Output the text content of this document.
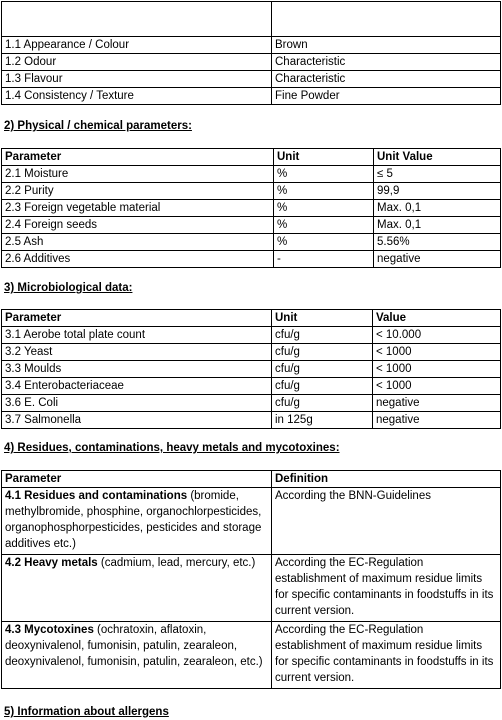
1.1 Appearance / Colour	Brown
1.2 Odour	Characteristic
1.3 Flavour	Characteristic
1.4 Consistency / Texture	Fine Powder
2) Physical / chemical parameters:
Parameter	Unit	Unit Value
2.1 Moisture	%	≤ 5
2.2 Purity	%	99,9
2.3 Foreign vegetable material	%	Max. 0,1
2.4 Foreign seeds	%	Max. 0,1
2.5 Ash	%	5.56%
2.6 Additives	-	negative
3) Microbiological data:
Parameter	Unit	Value
3.1 Aerobe total plate count	cfu/g	< 10.000
3.2 Yeast	cfu/g	< 1000
3.3 Moulds	cfu/g	< 1000
3.4 Enterobacteriaceae	cfu/g	< 1000
3.6 E. Coli	cfu/g	negative
3.7 Salmonella	in 125g	negative
4) Residues, contaminations, heavy metals and mycotoxines:
Parameter	Definition
4.1 Residues and contaminations (bromide, methylbromide, phosphine, organochlorpesticides, organophosphorpesticides, pesticides and storage additives etc.)	According the BNN-Guidelines
4.2 Heavy metals (cadmium, lead, mercury, etc.)	According the EC-Regulation establishment of maximum residue limits for specific contaminants in foodstuffs in its current version.
4.3 Mycotoxines (ochratoxin, aflatoxin, deoxynivalenol, fumonisin, patulin, zearaleon, deoxynivalenol, fumonisin, patulin, zearaleon, etc.)	According the EC-Regulation establishment of maximum residue limits for specific contaminants in foodstuffs in its current version.
5) Information about allergens
